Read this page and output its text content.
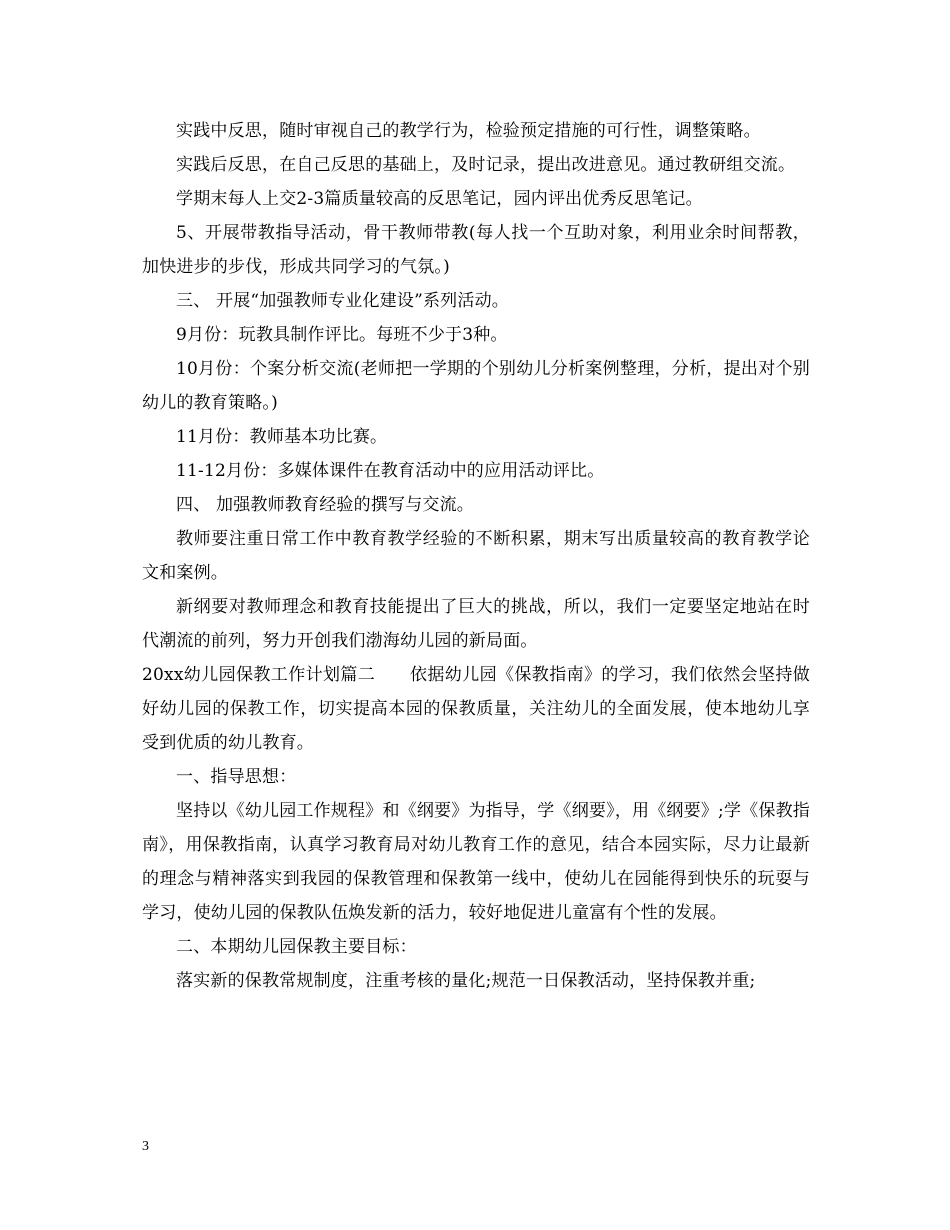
实践中反思，随时审视自己的教学行为，检验预定措施的可行性，调整策略。

实践后反思，在自己反思的基础上，及时记录，提出改进意见。通过教研组交流。

学期末每人上交2-3篇质量较高的反思笔记，园内评出优秀反思笔记。

5、开展带教指导活动，骨干教师带教(每人找一个互助对象，利用业余时间帮教，加快进步的步伐，形成共同学习的气氛。)

三、 开展“加强教师专业化建设”系列活动。

9月份：玩教具制作评比。每班不少于3种。

10月份：个案分析交流(老师把一学期的个别幼儿分析案例整理，分析，提出对个别幼儿的教育策略。)

11月份：教师基本功比赛。

11-12月份：多媒体课件在教育活动中的应用活动评比。

四、 加强教师教育经验的撰写与交流。

教师要注重日常工作中教育教学经验的不断积累，期末写出质量较高的教育教学论文和案例。

新纲要对教师理念和教育技能提出了巨大的挑战，所以，我们一定要坚定地站在时代潮流的前列，努力开创我们渤海幼儿园的新局面。

20xx幼儿园保教工作计划篇二　　依据幼儿园《保教指南》的学习，我们依然会坚持做好幼儿园的保教工作，切实提高本园的保教质量，关注幼儿的全面发展，使本地幼儿享受到优质的幼儿教育。

一、指导思想：

坚持以《幼儿园工作规程》和《纲要》为指导，学《纲要》，用《纲要》;学《保教指南》，用保教指南，认真学习教育局对幼儿教育工作的意见，结合本园实际，尽力让最新的理念与精神落实到我园的保教管理和保教第一线中，使幼儿在园能得到快乐的玩耍与学习，使幼儿园的保教队伍焕发新的活力，较好地促进儿童富有个性的发展。

二、本期幼儿园保教主要目标：

落实新的保教常规制度，注重考核的量化;规范一日保教活动，坚持保教并重;

3
